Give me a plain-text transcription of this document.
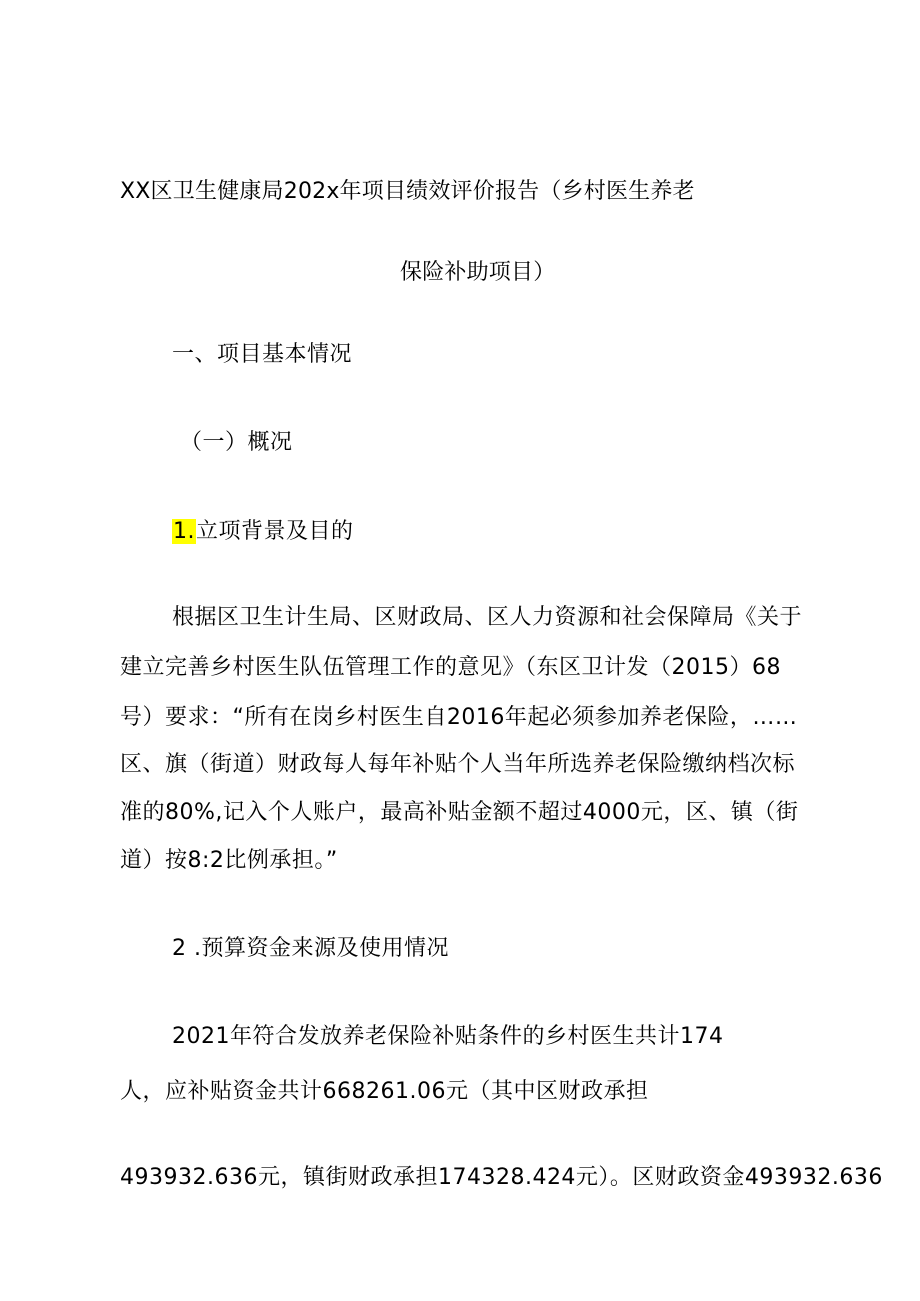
XX区卫生健康局202x年项目绩效评价报告（乡村医生养老
保险补助项目）
一、项目基本情况
（一）概况
1.立项背景及目的
根据区卫生计生局、区财政局、区人力资源和社会保障局《关于
建立完善乡村医生队伍管理工作的意见》（东区卫计发（2015）68
号）要求：“所有在岗乡村医生自2016年起必须参加养老保险，……
区、旗（街道）财政每人每年补贴个人当年所选养老保险缴纳档次标
准的80%,记入个人账户，最高补贴金额不超过4000元，区、镇（街
道）按8:2比例承担。”
2 .预算资金来源及使用情况
2021年符合发放养老保险补贴条件的乡村医生共计174
人，应补贴资金共计668261.06元（其中区财政承担
493932.636元，镇街财政承担174328.424元）。区财政资金493932.636
